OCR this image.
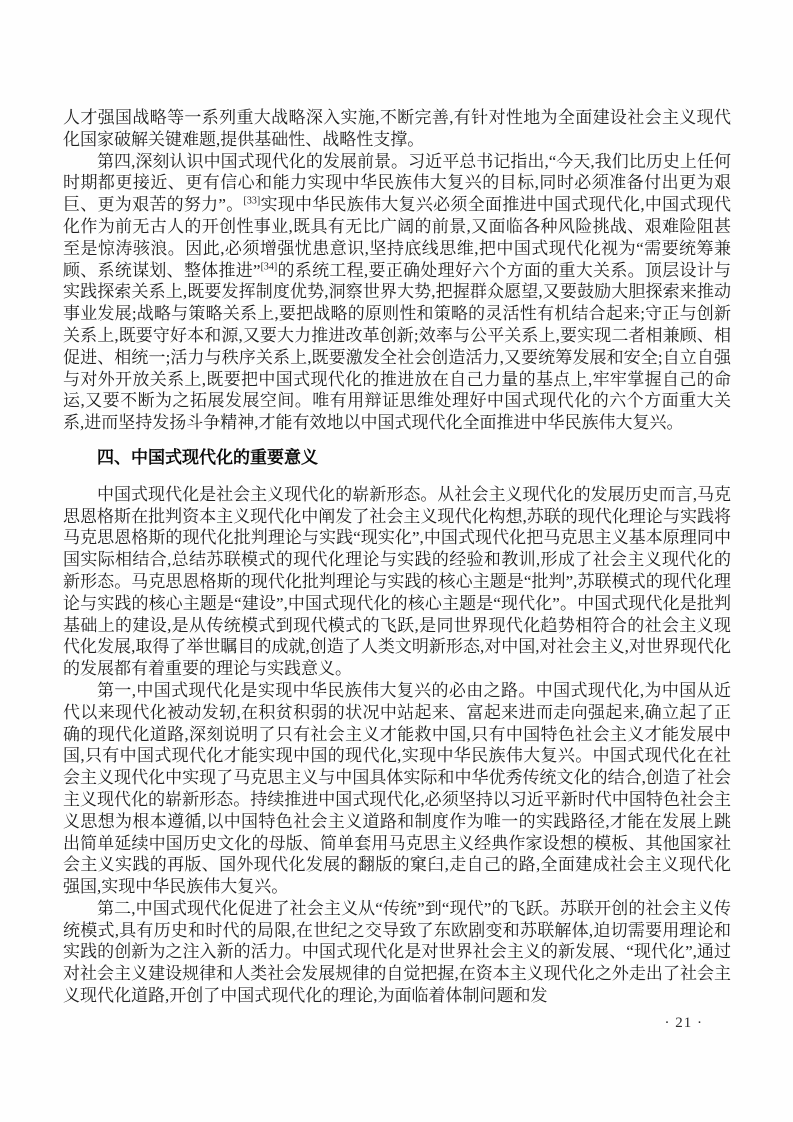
人才强国战略等一系列重大战略深入实施,不断完善,有针对性地为全面建设社会主义现代化国家破解关键难题,提供基础性、战略性支撑。

第四,深刻认识中国式现代化的发展前景。习近平总书记指出,“今天,我们比历史上任何时期都更接近、更有信心和能力实现中华民族伟大复兴的目标,同时必须准备付出更为艰巨、更为艰苦的努力”。[33]实现中华民族伟大复兴必须全面推进中国式现代化,中国式现代化作为前无古人的开创性事业,既具有无比广阔的前景,又面临各种风险挑战、艰难险阻甚至是惊涛骇浪。因此,必须增强忧患意识,坚持底线思维,把中国式现代化视为“需要统筹兼顾、系统谋划、整体推进”[34]的系统工程,要正确处理好六个方面的重大关系。顶层设计与实践探索关系上,既要发挥制度优势,洞察世界大势,把握群众愿望,又要鼓励大胆探索来推动事业发展;战略与策略关系上,要把战略的原则性和策略的灵活性有机结合起来;守正与创新关系上,既要守好本和源,又要大力推进改革创新;效率与公平关系上,要实现二者相兼顾、相促进、相统一;活力与秩序关系上,既要激发全社会创造活力,又要统筹发展和安全;自立自强与对外开放关系上,既要把中国式现代化的推进放在自己力量的基点上,牢牢掌握自己的命运,又要不断为之拓展发展空间。唯有用辩证思维处理好中国式现代化的六个方面重大关系,进而坚持发扬斗争精神,才能有效地以中国式现代化全面推进中华民族伟大复兴。

四、中国式现代化的重要意义

中国式现代化是社会主义现代化的崭新形态。从社会主义现代化的发展历史而言,马克思恩格斯在批判资本主义现代化中阐发了社会主义现代化构想,苏联的现代化理论与实践将马克思恩格斯的现代化批判理论与实践“现实化”,中国式现代化把马克思主义基本原理同中国实际相结合,总结苏联模式的现代化理论与实践的经验和教训,形成了社会主义现代化的新形态。马克思恩格斯的现代化批判理论与实践的核心主题是“批判”,苏联模式的现代化理论与实践的核心主题是“建设”,中国式现代化的核心主题是“现代化”。中国式现代化是批判基础上的建设,是从传统模式到现代模式的飞跃,是同世界现代化趋势相符合的社会主义现代化发展,取得了举世瞩目的成就,创造了人类文明新形态,对中国,对社会主义,对世界现代化的发展都有着重要的理论与实践意义。

第一,中国式现代化是实现中华民族伟大复兴的必由之路。中国式现代化,为中国从近代以来现代化被动发轫,在积贫积弱的状况中站起来、富起来进而走向强起来,确立起了正确的现代化道路,深刻说明了只有社会主义才能救中国,只有中国特色社会主义才能发展中国,只有中国式现代化才能实现中国的现代化,实现中华民族伟大复兴。中国式现代化在社会主义现代化中实现了马克思主义与中国具体实际和中华优秀传统文化的结合,创造了社会主义现代化的崭新形态。持续推进中国式现代化,必须坚持以习近平新时代中国特色社会主义思想为根本遵循,以中国特色社会主义道路和制度作为唯一的实践路径,才能在发展上跳出简单延续中国历史文化的母版、简单套用马克思主义经典作家设想的模板、其他国家社会主义实践的再版、国外现代化发展的翻版的窠臼,走自己的路,全面建成社会主义现代化强国,实现中华民族伟大复兴。

第二,中国式现代化促进了社会主义从“传统”到“现代”的飞跃。苏联开创的社会主义传统模式,具有历史和时代的局限,在世纪之交导致了东欧剧变和苏联解体,迫切需要用理论和实践的创新为之注入新的活力。中国式现代化是对世界社会主义的新发展、“现代化”,通过对社会主义建设规律和人类社会发展规律的自觉把握,在资本主义现代化之外走出了社会主义现代化道路,开创了中国式现代化的理论,为面临着体制问题和发

· 21 ·
